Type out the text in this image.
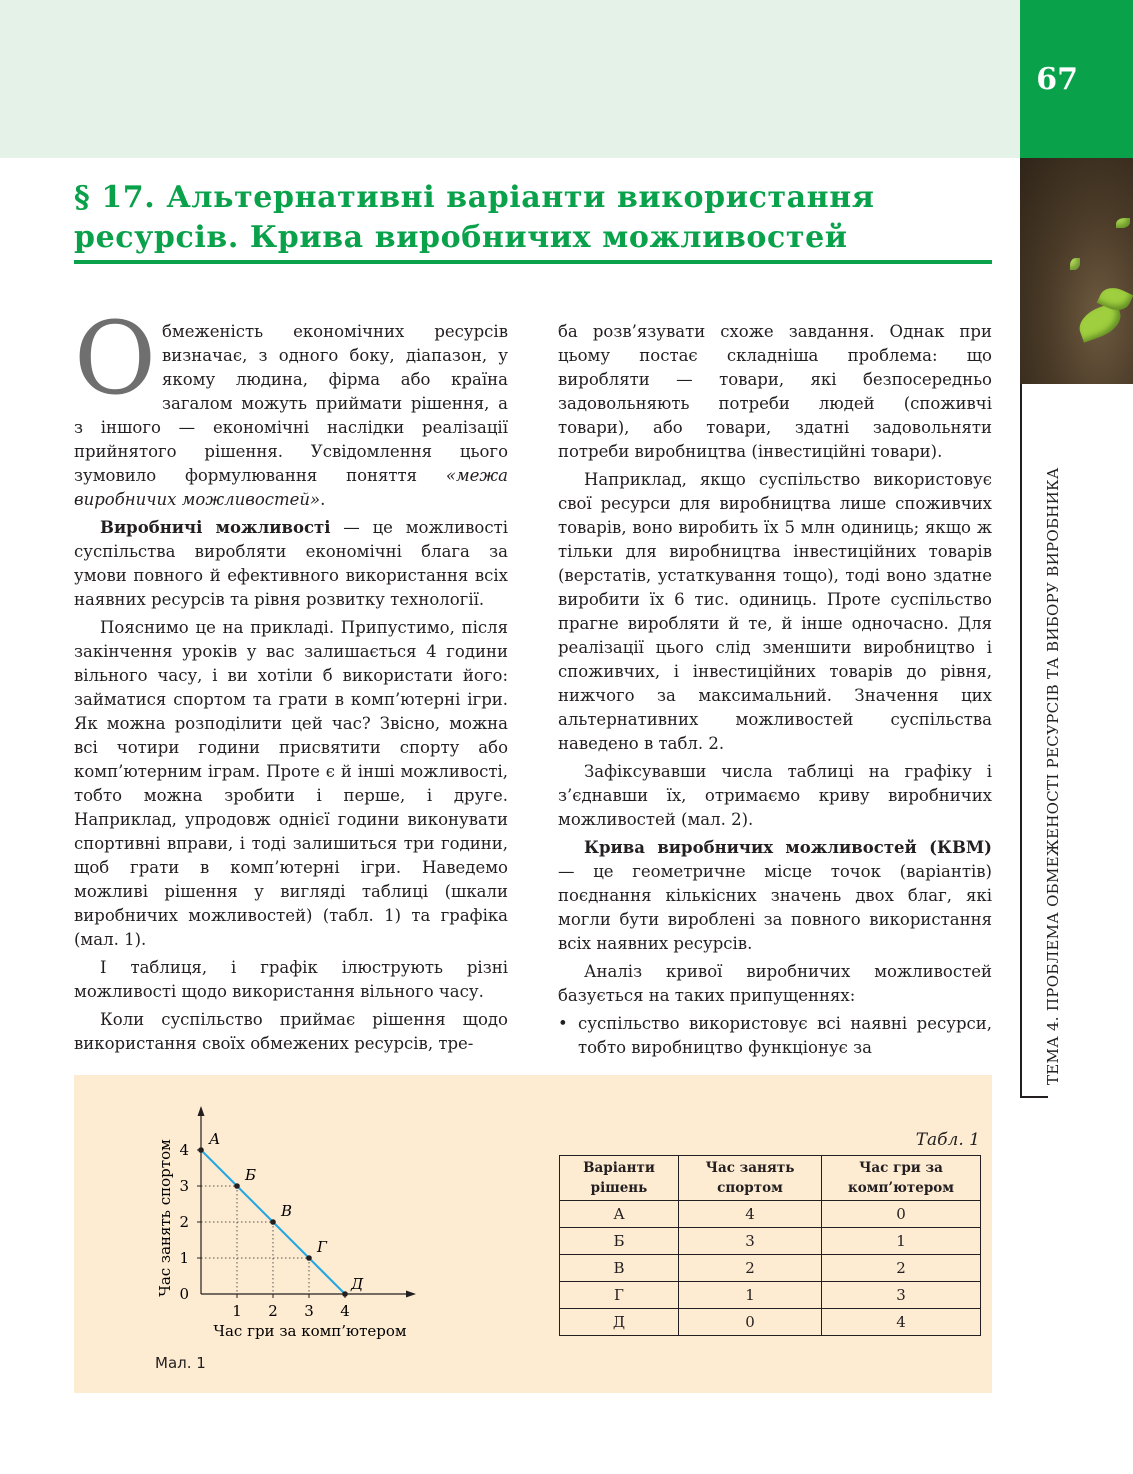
67
ТЕМА 4. ПРОБЛЕМА ОБМЕЖЕНОСТІ РЕСУРСІВ ТА ВИБОРУ ВИРОБНИКА
§ 17. Альтернативні варіанти використання
ресурсів. Крива виробничих можливостей

Обмеженість економічних ресурсів визначає, з одного боку, діапазон, у якому людина, фірма або країна загалом можуть приймати рішення, а з іншого — економічні наслідки реалізації прийнятого рішення. Усвідомлення цього зумовило формулювання поняття «межа виробничих можливостей».

Виробничі можливості — це можливості суспільства виробляти економічні блага за умови повного й ефективного використання всіх наявних ресурсів та рівня розвитку технології.

Пояснимо це на прикладі. Припустимо, після закінчення уроків у вас залишається 4 години вільного часу, і ви хотіли б використати його: займатися спортом та грати в комп’ютерні ігри. Як можна розподілити цей час? Звісно, можна всі чотири години присвятити спорту або комп’ютерним іграм. Проте є й інші можливості, тобто можна зробити і перше, і друге. Наприклад, упродовж однієї години виконувати спортивні вправи, і тоді залишиться три години, щоб грати в комп’ютерні ігри. Наведемо можливі рішення у вигляді таблиці (шкали виробничих можливостей) (табл. 1) та графіка (мал. 1).

І таблиця, і графік ілюструють різні можливості щодо використання вільного часу.

Коли суспільство приймає рішення щодо використання своїх обмежених ресурсів, тре-

ба розв’язувати схоже завдання. Однак при цьому постає складніша проблема: що виробляти — товари, які безпосередньо задовольняють потреби людей (споживчі товари), або товари, здатні задовольняти потреби виробництва (інвестиційні товари).

Наприклад, якщо суспільство використовує свої ресурси для виробництва лише споживчих товарів, воно виробить їх 5 млн одиниць; якщо ж тільки для виробництва інвестиційних товарів (верстатів, устаткування тощо), тоді воно здатне виробити їх 6 тис. одиниць. Проте суспільство прагне виробляти й те, й інше одночасно. Для реалізації цього слід зменшити виробництво і споживчих, і інвестиційних товарів до рівня, нижчого за максимальний. Значення цих альтернативних можливостей суспільства наведено в табл. 2.

Зафіксувавши числа таблиці на графіку і з’єднавши їх, отримаємо криву виробничих можливостей (мал. 2).

Крива виробничих можливостей (КВМ) — це геометричне місце точок (варіантів) поєднання кількісних значень двох благ, які могли бути вироблені за повного використання всіх наявних ресурсів.

Аналіз кривої виробничих можливостей базується на таких припущеннях:

• суспільство використовує всі наявні ресурси, тобто виробництво функціонує за
1 2 3 4
0
1
2
3
4
А
Б
В
Г
Д
Час гри за комп’ютером
Час занять спортом
Мал. 1
Табл. 1
Варіанти рішень	Час занять спортом	Час гри за комп’ютером
А	4	0
Б	3	1
В	2	2
Г	1	3
Д	0	4
